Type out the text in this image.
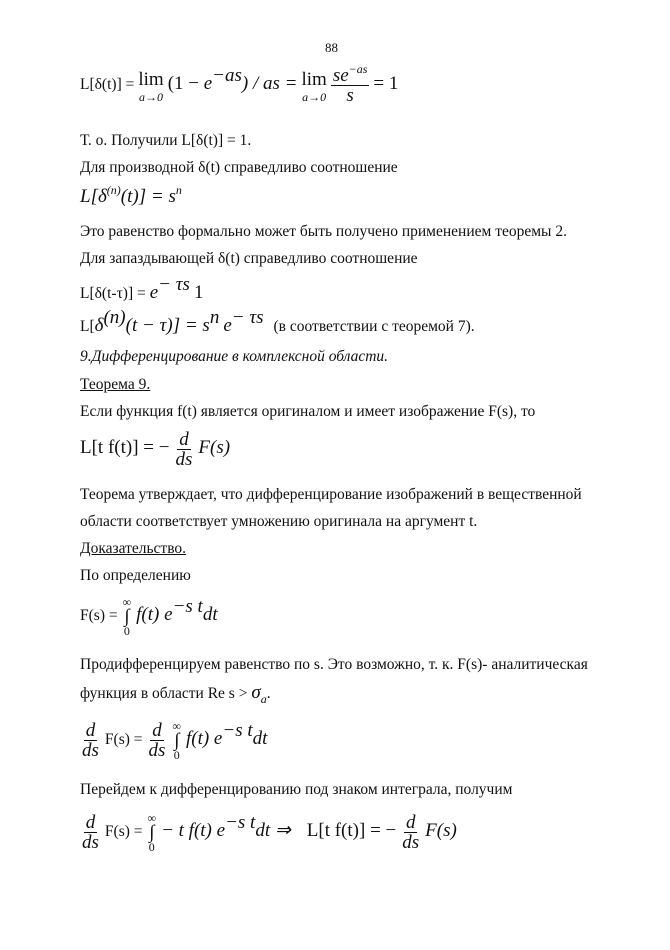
88
L[δ(t)] = lim
a→0
$(1 - e^{-as})$ / as = lim
a→0
$\frac{se^{-as}}{s} = 1$
Т. о. Получили L[δ(t)] = 1.
Для производной δ(t) справедливо соотношение
$L[\delta^{(n)}(t)] = s^n$
Это равенство формально может быть получено применением теоремы 2.
Для запаздывающей δ(t) справедливо соотношение
$L[\delta(t-\tau)] = e^{- \tau s}$ 1
$L[\delta^{(n)}(t - \tau)] = s^n$ $e^{- \tau s}$ (в соответствии с теоремой 7).
9.Дифференцирование в комплексной области.
Теорема 9.
Если функция f(t) является оригиналом и имеет изображение F(s), то
L[t f(t)] = − $\frac{d}{ds} F(s)$
Теорема утверждает, что дифференцирование изображений в вещественной
области соответствует умножению оригинала на аргумент t.
Доказательство.
По определению
F(s) =
∞
∫
0
f(t) $e^{-s t}dt$
Продифференцируем равенство по s. Это возможно, т. к. F(s)- аналитическая
функция в области Re $s > \sigma_a$.
$\frac{d}{ds} F(s) = \frac{d}{ds}$
∞
∫
0
f(t) $e^{-s t}dt$
Перейдем к дифференцированию под знаком интеграла, получим
$\frac{d}{ds} F(s)$ =
∞
∫
0
− t f(t) $e^{-s t}dt$ ⇒ L[t f(t)] = − $\frac{d}{ds} F(s)$
